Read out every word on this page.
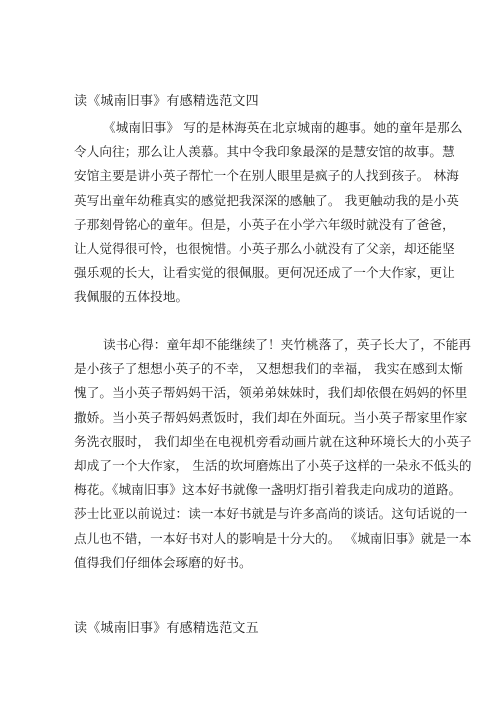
读《城南旧事》有感精选范文四
《城南旧事》 写的是林海英在北京城南的趣事。她的童年是那么
令人向往；那么让人羡慕。其中令我印象最深的是慧安馆的故事。慧
安馆主要是讲小英子帮忙一个在别人眼里是疯子的人找到孩子。 林海
英写出童年幼稚真实的感觉把我深深的感触了。 我更触动我的是小英
子那刻骨铭心的童年。但是，小英子在小学六年级时就没有了爸爸，
让人觉得很可怜，也很惋惜。小英子那么小就没有了父亲，却还能坚
强乐观的长大，让看实觉的很佩服。更何况还成了一个大作家，更让
我佩服的五体投地。
读书心得：童年却不能继续了！夹竹桃落了，英子长大了，不能再
是小孩子了想想小英子的不幸， 又想想我们的幸福， 我实在感到太惭
愧了。当小英子帮妈妈干活，领弟弟妹妹时，我们却依偎在妈妈的怀里
撒娇。当小英子帮妈妈煮饭时，我们却在外面玩。当小英子帮家里作家
务洗衣服时， 我们却坐在电视机旁看动画片就在这种环境长大的小英子
却成了一个大作家， 生活的坎坷磨炼出了小英子这样的一朵永不低头的
梅花。《城南旧事》这本好书就像一盏明灯指引着我走向成功的道路。
莎士比亚以前说过：读一本好书就是与许多高尚的谈话。这句话说的一
点儿也不错，一本好书对人的影响是十分大的。 《城南旧事》就是一本
值得我们仔细体会琢磨的好书。
读《城南旧事》有感精选范文五
